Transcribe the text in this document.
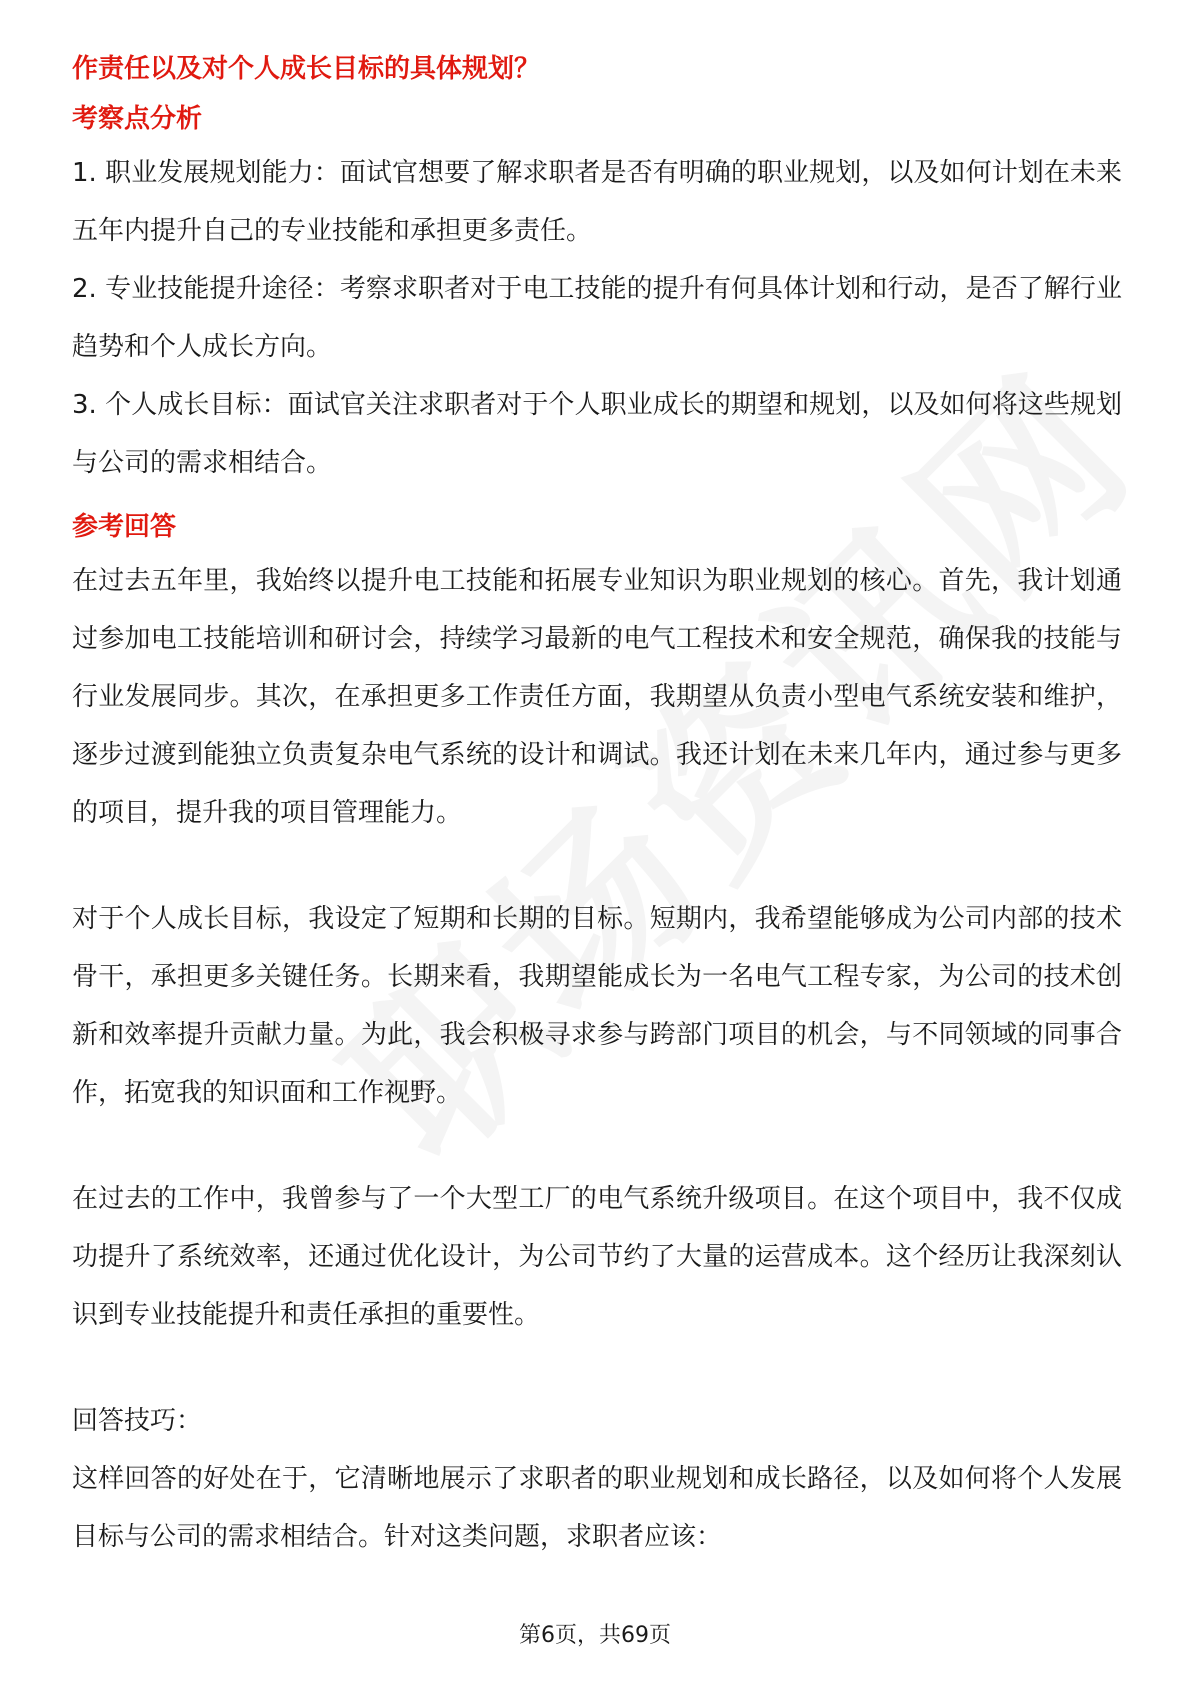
作责任以及对个人成长目标的具体规划？

考察点分析

1. 职业发展规划能力：面试官想要了解求职者是否有明确的职业规划，以及如何计划在未来五年内提升自己的专业技能和承担更多责任。

2. 专业技能提升途径：考察求职者对于电工技能的提升有何具体计划和行动，是否了解行业趋势和个人成长方向。

3. 个人成长目标：面试官关注求职者对于个人职业成长的期望和规划，以及如何将这些规划与公司的需求相结合。

参考回答

在过去五年里，我始终以提升电工技能和拓展专业知识为职业规划的核心。首先，我计划通过参加电工技能培训和研讨会，持续学习最新的电气工程技术和安全规范，确保我的技能与行业发展同步。其次，在承担更多工作责任方面，我期望从负责小型电气系统安装和维护，逐步过渡到能独立负责复杂电气系统的设计和调试。我还计划在未来几年内，通过参与更多的项目，提升我的项目管理能力。

对于个人成长目标，我设定了短期和长期的目标。短期内，我希望能够成为公司内部的技术骨干，承担更多关键任务。长期来看，我期望能成长为一名电气工程专家，为公司的技术创新和效率提升贡献力量。为此，我会积极寻求参与跨部门项目的机会，与不同领域的同事合作，拓宽我的知识面和工作视野。

在过去的工作中，我曾参与了一个大型工厂的电气系统升级项目。在这个项目中，我不仅成功提升了系统效率，还通过优化设计，为公司节约了大量的运营成本。这个经历让我深刻认识到专业技能提升和责任承担的重要性。

回答技巧：

这样回答的好处在于，它清晰地展示了求职者的职业规划和成长路径，以及如何将个人发展目标与公司的需求相结合。针对这类问题，求职者应该：

第6页，共69页
